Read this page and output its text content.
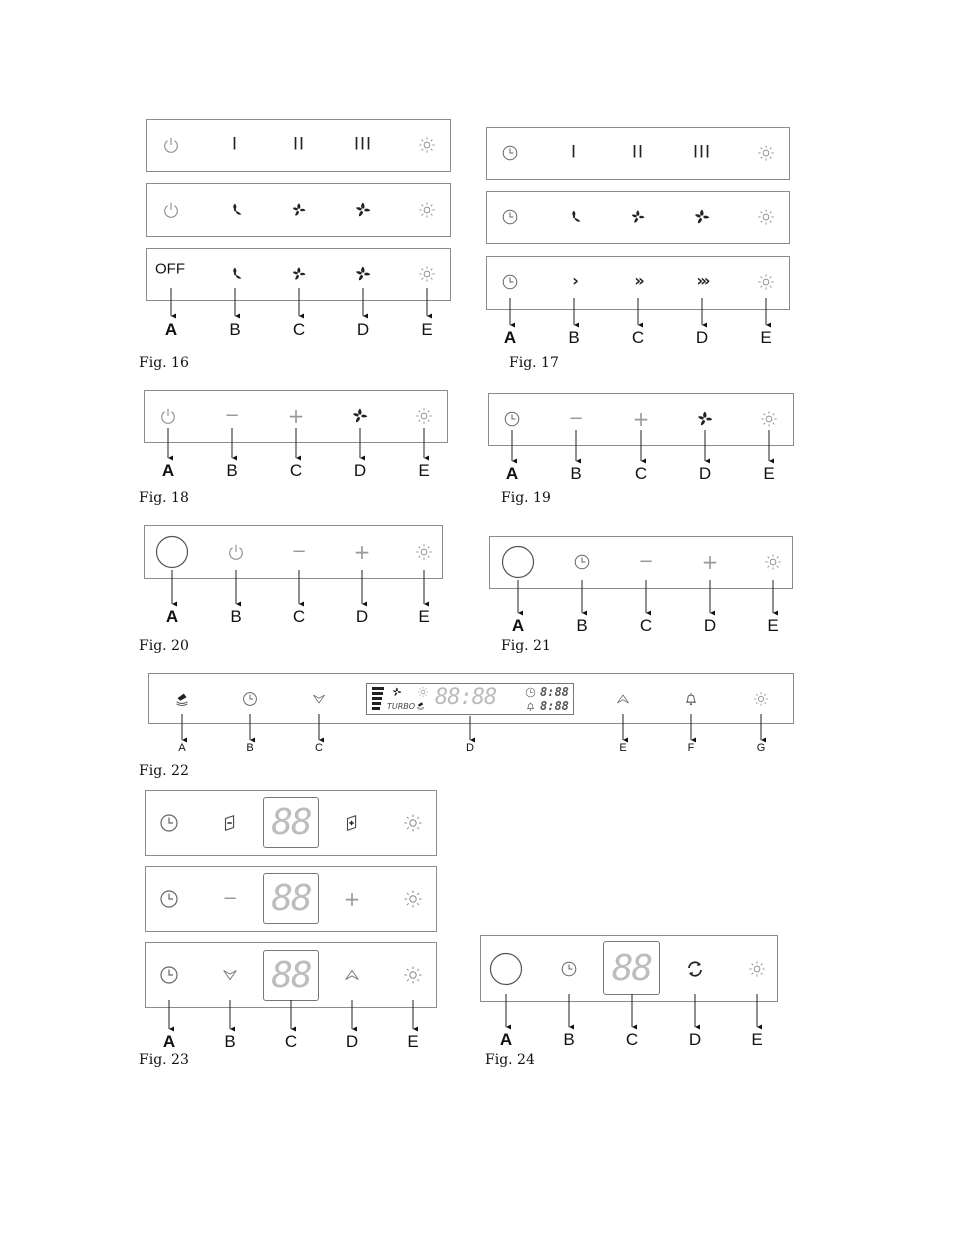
I	II	III
OFF
A	B	C	D	E
Fig. 16
I	II	III
›	»	»›
A	B	C	D	E
Fig. 17
− +
A	B	C	D	E
Fig. 18
− +
A	B	C	D	E
Fig. 19
− +
A	B	C	D	E
Fig. 20
− +
A	B	C	D	E
Fig. 21
TURBO 88:88	8:88
8:88
A	B	C	D	E	F	G
Fig. 22
88
− 88	+
88
A	B	C	D	E
Fig. 23
88
A	B	C	D	E
Fig. 24
